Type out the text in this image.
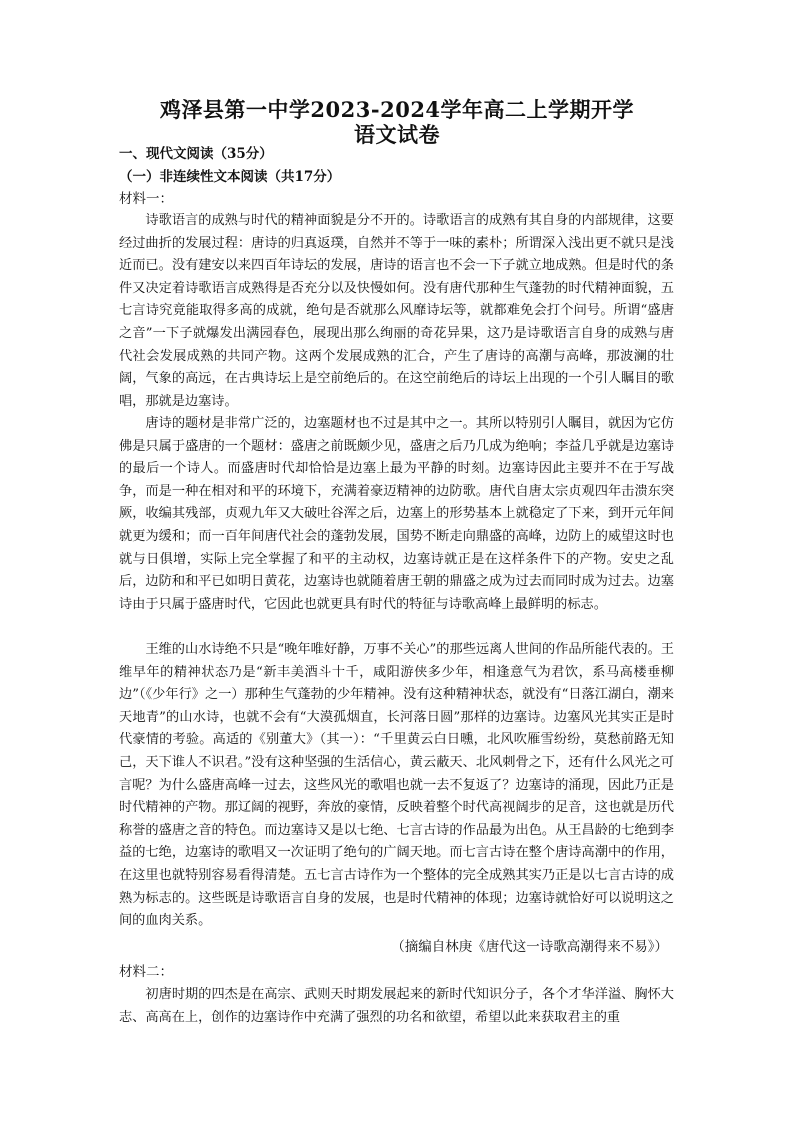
鸡泽县第一中学2023-2024学年高二上学期开学
语文试卷
一、现代文阅读（35分）
（一）非连续性文本阅读（共17分）
材料一：

诗歌语言的成熟与时代的精神面貌是分不开的。诗歌语言的成熟有其自身的内部规律，这要经过曲折的发展过程：唐诗的归真返璞，自然并不等于一味的素朴；所谓深入浅出更不就只是浅近而已。没有建安以来四百年诗坛的发展，唐诗的语言也不会一下子就立地成熟。但是时代的条件又决定着诗歌语言成熟得是否充分以及快慢如何。没有唐代那种生气蓬勃的时代精神面貌，五七言诗究竟能取得多高的成就，绝句是否就那么风靡诗坛等，就都难免会打个问号。所谓“盛唐之音”一下子就爆发出满园春色，展现出那么绚丽的奇花异果，这乃是诗歌语言自身的成熟与唐代社会发展成熟的共同产物。这两个发展成熟的汇合，产生了唐诗的高潮与高峰，那波澜的壮阔，气象的高远，在古典诗坛上是空前绝后的。在这空前绝后的诗坛上出现的一个引人瞩目的歌唱，那就是边塞诗。

唐诗的题材是非常广泛的，边塞题材也不过是其中之一。其所以特别引人瞩目，就因为它仿佛是只属于盛唐的一个题材：盛唐之前既颇少见，盛唐之后乃几成为绝响；李益几乎就是边塞诗的最后一个诗人。而盛唐时代却恰恰是边塞上最为平静的时刻。边塞诗因此主要并不在于写战争，而是一种在相对和平的环境下，充满着豪迈精神的边防歌。唐代自唐太宗贞观四年击溃东突厥，收编其残部，贞观九年又大破吐谷浑之后，边塞上的形势基本上就稳定了下来，到开元年间就更为缓和；而一百年间唐代社会的蓬勃发展，国势不断走向鼎盛的高峰，边防上的威望这时也就与日俱增，实际上完全掌握了和平的主动权，边塞诗就正是在这样条件下的产物。安史之乱后，边防和和平已如明日黄花，边塞诗也就随着唐王朝的鼎盛之成为过去而同时成为过去。边塞诗由于只属于盛唐时代，它因此也就更具有时代的特征与诗歌高峰上最鲜明的标志。

王维的山水诗绝不只是“晚年唯好静，万事不关心”的那些远离人世间的作品所能代表的。王维早年的精神状态乃是“新丰美酒斗十千，咸阳游侠多少年，相逢意气为君饮，系马高楼垂柳边”（《少年行》之一）那种生气蓬勃的少年精神。没有这种精神状态，就没有“日落江湖白，潮来天地青”的山水诗，也就不会有“大漠孤烟直，长河落日圆”那样的边塞诗。边塞风光其实正是时代豪情的考验。高适的《别董大》（其一）：“千里黄云白日曛，北风吹雁雪纷纷，莫愁前路无知己，天下谁人不识君。”没有这种坚强的生活信心，黄云蔽天、北风刺骨之下，还有什么风光之可言呢？为什么盛唐高峰一过去，这些风光的歌唱也就一去不复返了？边塞诗的涌现，因此乃正是时代精神的产物。那辽阔的视野，奔放的豪情，反映着整个时代高视阔步的足音，这也就是历代称誉的盛唐之音的特色。而边塞诗又是以七绝、七言古诗的作品最为出色。从王昌龄的七绝到李益的七绝，边塞诗的歌唱又一次证明了绝句的广阔天地。而七言古诗在整个唐诗高潮中的作用，在这里也就特别容易看得清楚。五七言古诗作为一个整体的完全成熟其实乃正是以七言古诗的成熟为标志的。这些既是诗歌语言自身的发展，也是时代精神的体现；边塞诗就恰好可以说明这之间的血肉关系。

（摘编自林庚《唐代这一诗歌高潮得来不易》）
材料二：

初唐时期的四杰是在高宗、武则天时期发展起来的新时代知识分子，各个才华洋溢、胸怀大志、高高在上，创作的边塞诗作中充满了强烈的功名和欲望，希望以此来获取君主的重
